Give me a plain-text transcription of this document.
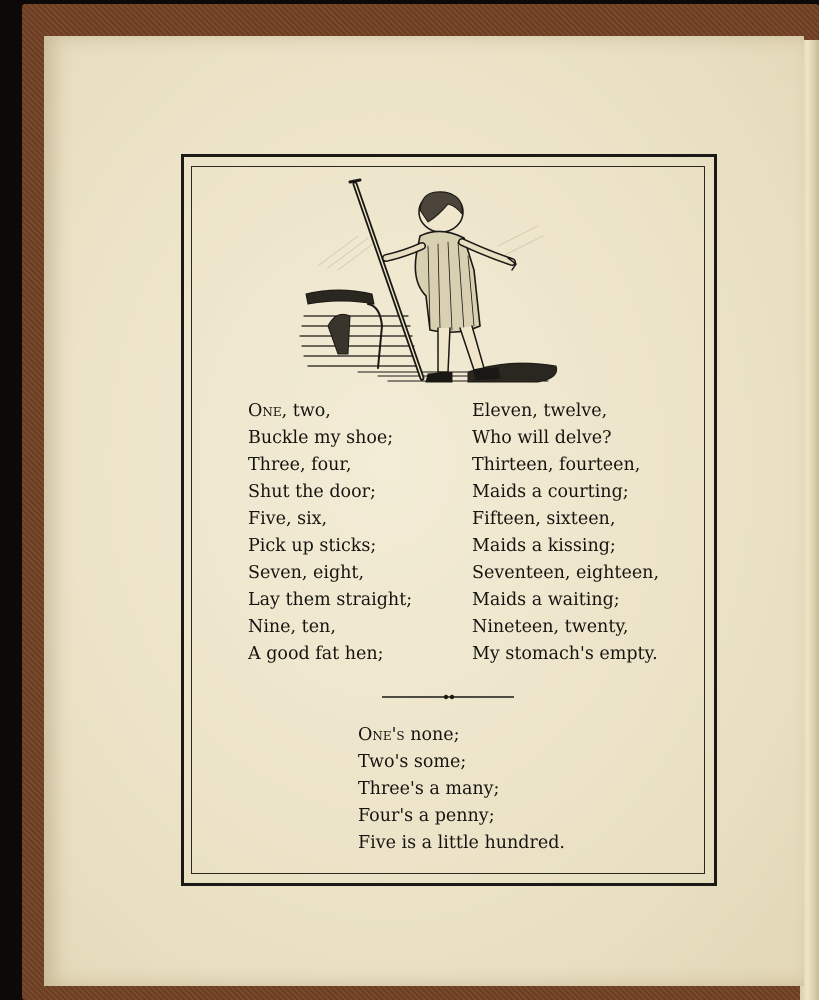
One, two,
Buckle my shoe;
Three, four,
Shut the door;
Five, six,
Pick up sticks;
Seven, eight,
Lay them straight;
Nine, ten,
A good fat hen;
Eleven, twelve,
Who will delve?
Thirteen, fourteen,
Maids a courting;
Fifteen, sixteen,
Maids a kissing;
Seventeen, eighteen,
Maids a waiting;
Nineteen, twenty,
My stomach's empty.
One's none;
Two's some;
Three's a many;
Four's a penny;
Five is a little hundred.
